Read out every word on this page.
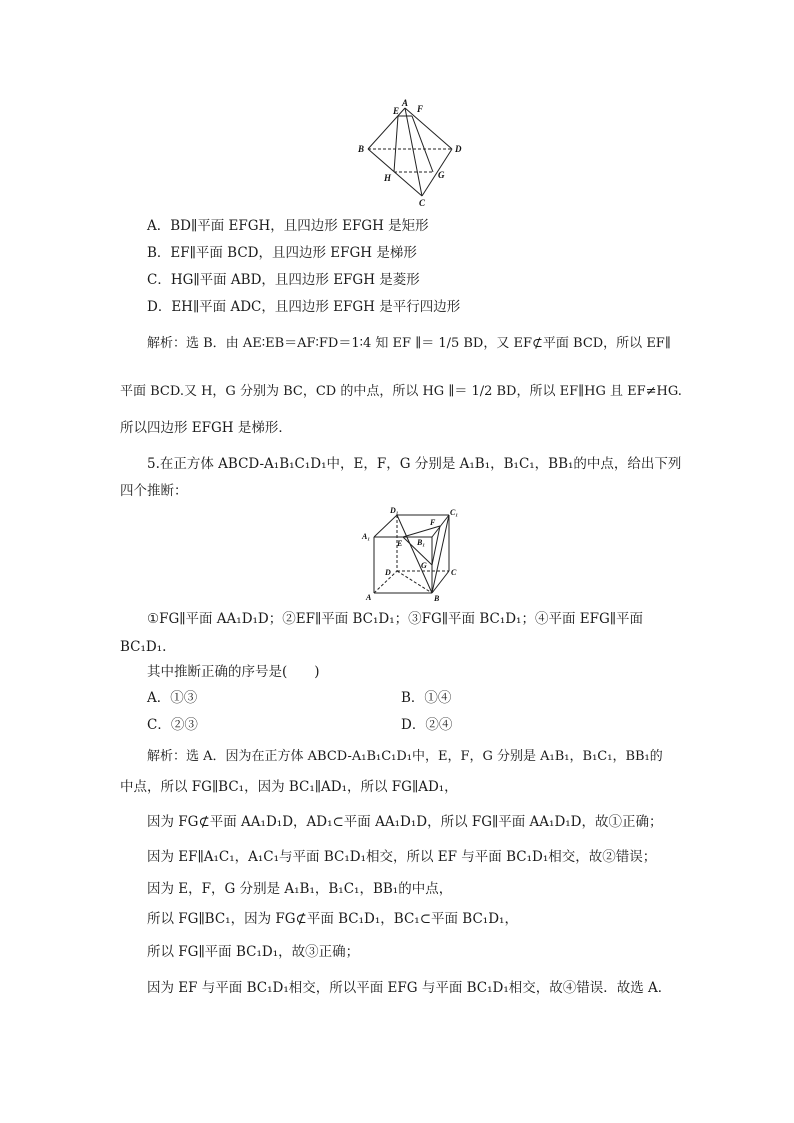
A
E F
B	D
H	G
C
A．BD∥平面 EFGH，且四边形 EFGH 是矩形
B．EF∥平面 BCD，且四边形 EFGH 是梯形
C．HG∥平面 ABD，且四边形 EFGH 是菱形
D．EH∥平面 ADC，且四边形 EFGH 是平行四边形
解析：选 B．由 AE∶EB＝AF∶FD＝1∶4 知 EF ∥＝ 1/5 BD，又 EF⊄平面 BCD，所以 EF∥
平面 BCD.又 H，G 分别为 BC，CD 的中点，所以 HG ∥＝ 1/2 BD，所以 EF∥HG 且 EF≠HG.
所以四边形 EFGH 是梯形．
5.在正方体 ABCD-A₁B₁C₁D₁中，E，F，G 分别是 A₁B₁，B₁C₁，BB₁的中点，给出下列
四个推断：
D₁	C₁
A₁
F
E B₁
G
D	C
A	B
①FG∥平面 AA₁D₁D；②EF∥平面 BC₁D₁；③FG∥平面 BC₁D₁；④平面 EFG∥平面
BC₁D₁.
其中推断正确的序号是(　　)
A．①③	B．①④
C．②③	D．②④
解析：选 A．因为在正方体 ABCD-A₁B₁C₁D₁中，E，F，G 分别是 A₁B₁，B₁C₁，BB₁的
中点，所以 FG∥BC₁，因为 BC₁∥AD₁，所以 FG∥AD₁，
因为 FG⊄平面 AA₁D₁D，AD₁⊂平面 AA₁D₁D，所以 FG∥平面 AA₁D₁D，故①正确；
因为 EF∥A₁C₁，A₁C₁与平面 BC₁D₁相交，所以 EF 与平面 BC₁D₁相交，故②错误；
因为 E，F，G 分别是 A₁B₁，B₁C₁，BB₁的中点，
所以 FG∥BC₁，因为 FG⊄平面 BC₁D₁，BC₁⊂平面 BC₁D₁，
所以 FG∥平面 BC₁D₁，故③正确；
因为 EF 与平面 BC₁D₁相交，所以平面 EFG 与平面 BC₁D₁相交，故④错误．故选 A．
